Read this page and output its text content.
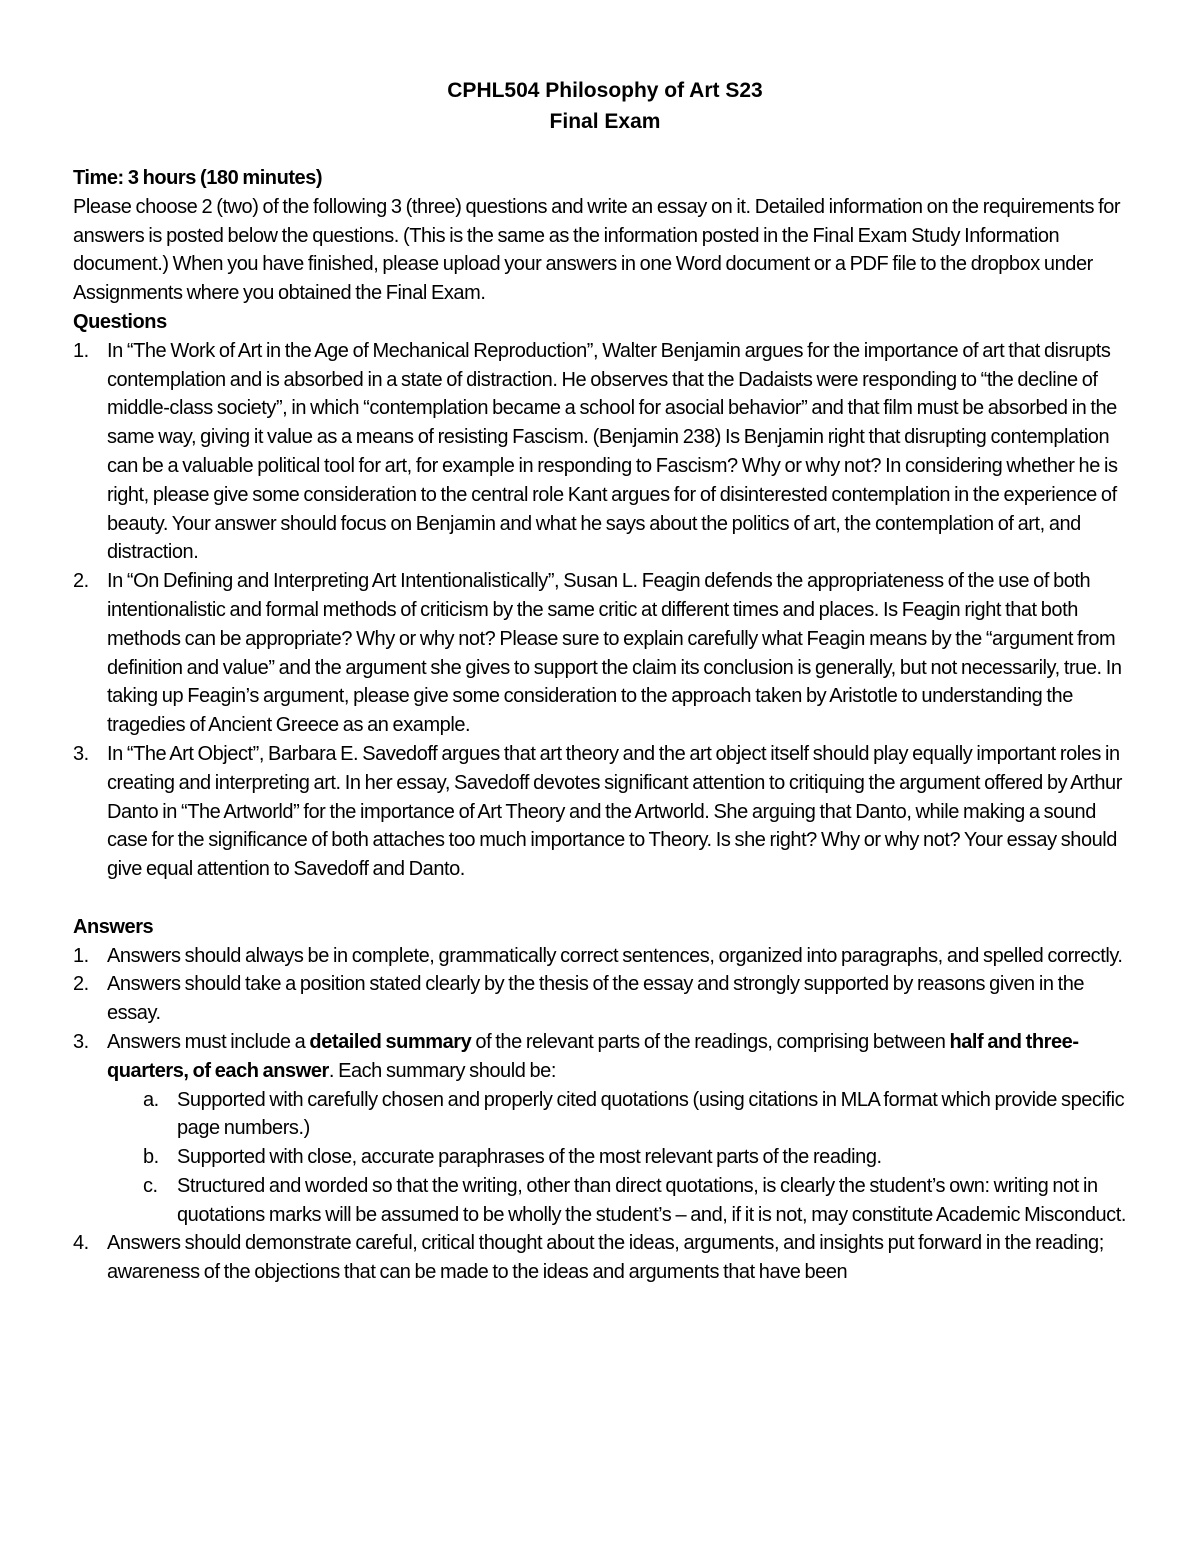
CPHL504 Philosophy of Art S23
Final Exam
Time: 3 hours (180 minutes)
Please choose 2 (two) of the following 3 (three) questions and write an essay on it. Detailed information on the requirements for answers is posted below the questions. (This is the same as the information posted in the Final Exam Study Information document.) When you have finished, please upload your answers in one Word document or a PDF file to the dropbox under Assignments where you obtained the Final Exam.
Questions
1. In “The Work of Art in the Age of Mechanical Reproduction”, Walter Benjamin argues for the importance of art that disrupts contemplation and is absorbed in a state of distraction. He observes that the Dadaists were responding to “the decline of middle-class society”, in which “contemplation became a school for asocial behavior” and that film must be absorbed in the same way, giving it value as a means of resisting Fascism. (Benjamin 238) Is Benjamin right that disrupting contemplation can be a valuable political tool for art, for example in responding to Fascism? Why or why not? In considering whether he is right, please give some consideration to the central role Kant argues for of disinterested contemplation in the experience of beauty. Your answer should focus on Benjamin and what he says about the politics of art, the contemplation of art, and distraction.
2. In “On Defining and Interpreting Art Intentionalistically”, Susan L. Feagin defends the appropriateness of the use of both intentionalistic and formal methods of criticism by the same critic at different times and places. Is Feagin right that both methods can be appropriate? Why or why not? Please sure to explain carefully what Feagin means by the “argument from definition and value” and the argument she gives to support the claim its conclusion is generally, but not necessarily, true. In taking up Feagin’s argument, please give some consideration to the approach taken by Aristotle to understanding the tragedies of Ancient Greece as an example.
3. In “The Art Object”, Barbara E. Savedoff argues that art theory and the art object itself should play equally important roles in creating and interpreting art. In her essay, Savedoff devotes significant attention to critiquing the argument offered by Arthur Danto in “The Artworld” for the importance of Art Theory and the Artworld. She arguing that Danto, while making a sound case for the significance of both attaches too much importance to Theory. Is she right? Why or why not? Your essay should give equal attention to Savedoff and Danto.
Answers
1. Answers should always be in complete, grammatically correct sentences, organized into paragraphs, and spelled correctly.
2. Answers should take a position stated clearly by the thesis of the essay and strongly supported by reasons given in the essay.
3. Answers must include a detailed summary of the relevant parts of the readings, comprising between half and three-quarters, of each answer. Each summary should be:
a. Supported with carefully chosen and properly cited quotations (using citations in MLA format which provide specific page numbers.)
b. Supported with close, accurate paraphrases of the most relevant parts of the reading.
c. Structured and worded so that the writing, other than direct quotations, is clearly the student’s own: writing not in quotations marks will be assumed to be wholly the student’s – and, if it is not, may constitute Academic Misconduct.
4. Answers should demonstrate careful, critical thought about the ideas, arguments, and insights put forward in the reading; awareness of the objections that can be made to the ideas and arguments that have been
